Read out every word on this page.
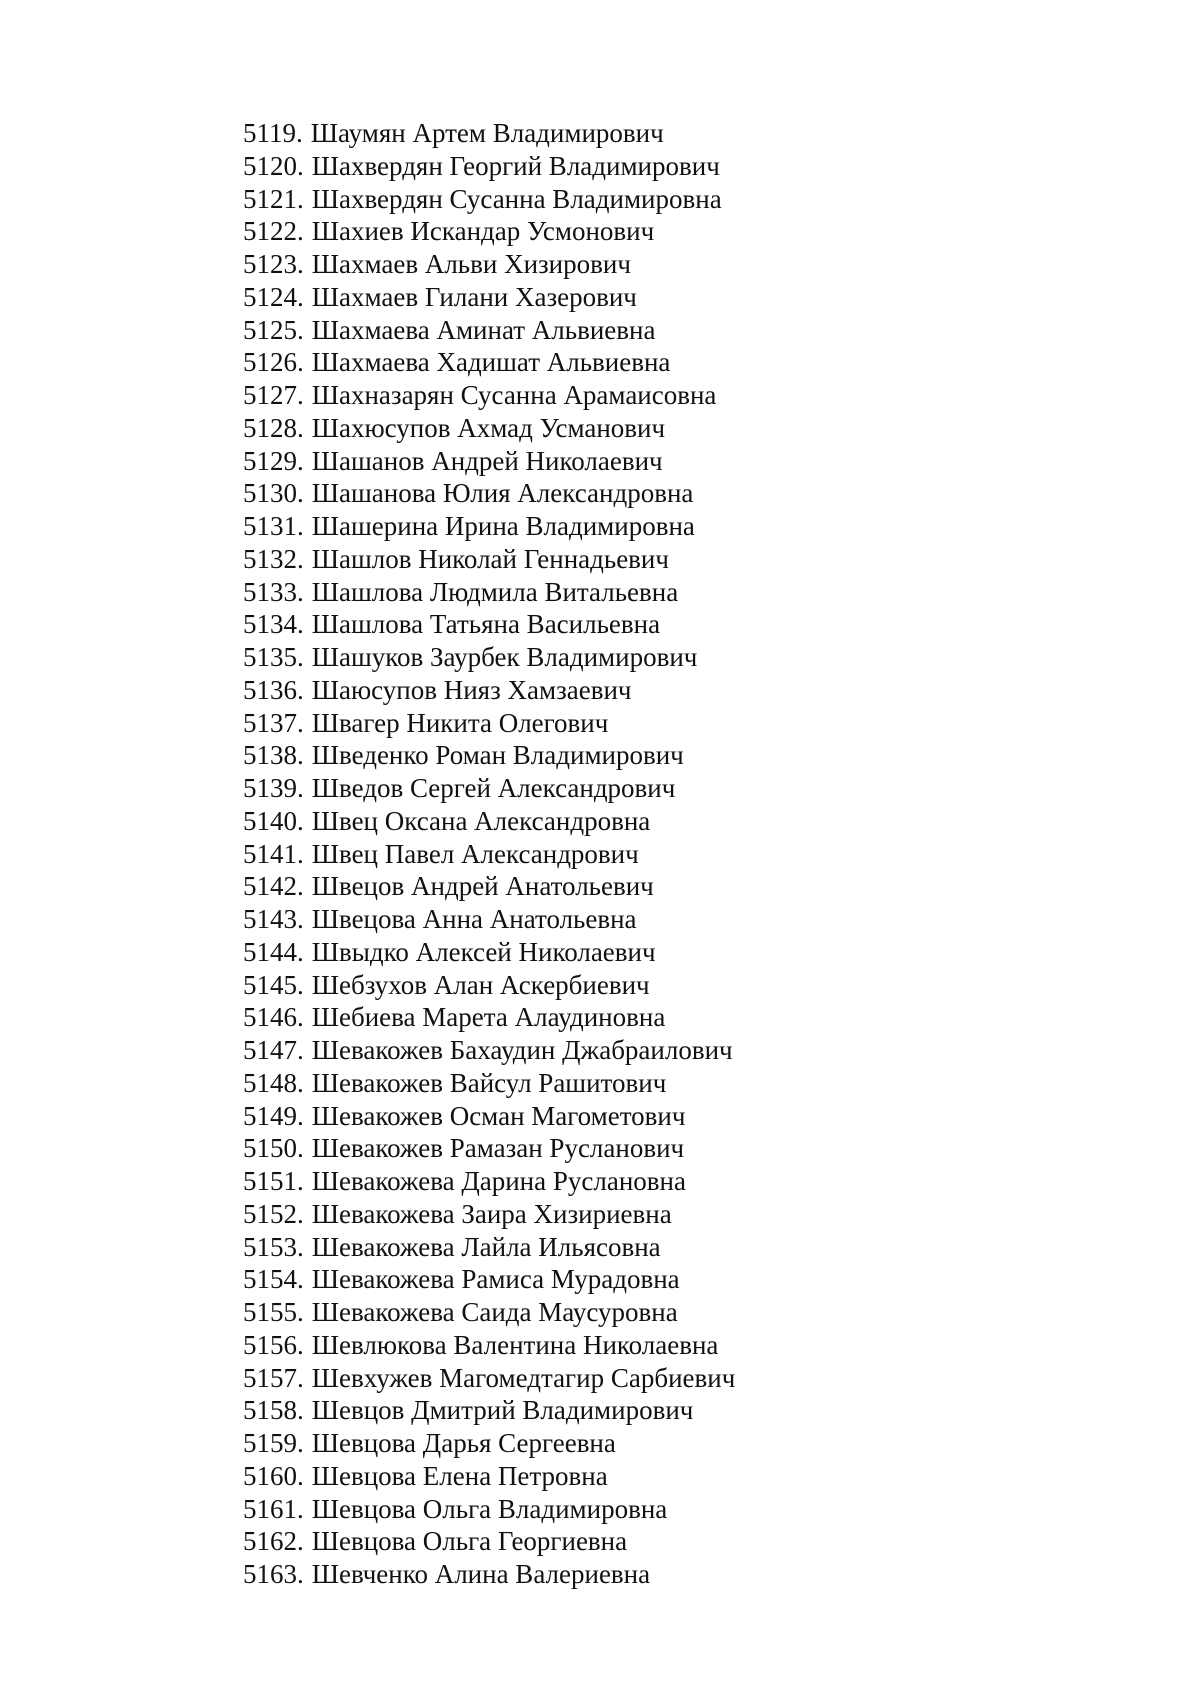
5119. Шаумян Артем Владимирович
5120. Шахвердян Георгий Владимирович
5121. Шахвердян Сусанна Владимировна
5122. Шахиев Искандар Усмонович
5123. Шахмаев Альви Хизирович
5124. Шахмаев Гилани Хазерович
5125. Шахмаева Аминат Альвиевна
5126. Шахмаева Хадишат Альвиевна
5127. Шахназарян Сусанна Арамаисовна
5128. Шахюсупов Ахмад Усманович
5129. Шашанов Андрей Николаевич
5130. Шашанова Юлия Александровна
5131. Шашерина Ирина Владимировна
5132. Шашлов Николай Геннадьевич
5133. Шашлова Людмила Витальевна
5134. Шашлова Татьяна Васильевна
5135. Шашуков Заурбек Владимирович
5136. Шаюсупов Нияз Хамзаевич
5137. Швагер Никита Олегович
5138. Шведенко Роман Владимирович
5139. Шведов Сергей Александрович
5140. Швец Оксана Александровна
5141. Швец Павел Александрович
5142. Швецов Андрей Анатольевич
5143. Швецова Анна Анатольевна
5144. Швыдко Алексей Николаевич
5145. Шебзухов Алан Аскербиевич
5146. Шебиева Марета Алаудиновна
5147. Шевакожев Бахаудин Джабраилович
5148. Шевакожев Вайсул Рашитович
5149. Шевакожев Осман Магометович
5150. Шевакожев Рамазан Русланович
5151. Шевакожева Дарина Руслановна
5152. Шевакожева Заира Хизириевна
5153. Шевакожева Лайла Ильясовна
5154. Шевакожева Рамиса Мурадовна
5155. Шевакожева Саида Маусуровна
5156. Шевлюкова Валентина Николаевна
5157. Шевхужев Магомедтагир Сарбиевич
5158. Шевцов Дмитрий Владимирович
5159. Шевцова Дарья Сергеевна
5160. Шевцова Елена Петровна
5161. Шевцова Ольга Владимировна
5162. Шевцова Ольга Георгиевна
5163. Шевченко Алина Валериевна
